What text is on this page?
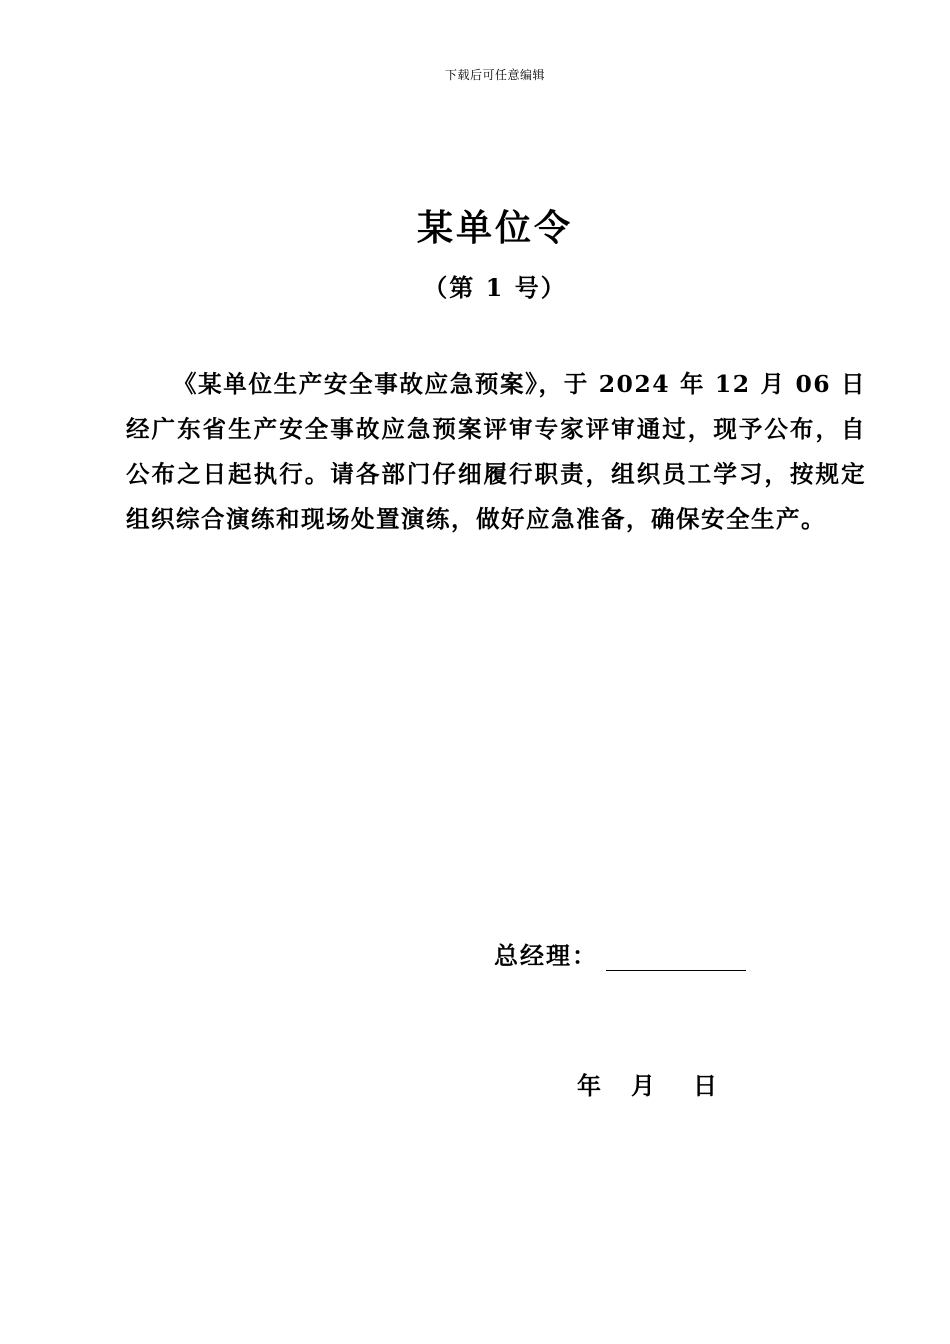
下载后可任意编辑
某单位令
（第 1 号）
《某单位生产安全事故应急预案》，于 2024 年 12 月 06 日经广东省生产安全事故应急预案评审专家评审通过，现予公布，自公布之日起执行。请各部门仔细履行职责，组织员工学习，按规定组织综合演练和现场处置演练，做好应急准备，确保安全生产。
总经理：
年	月	日
